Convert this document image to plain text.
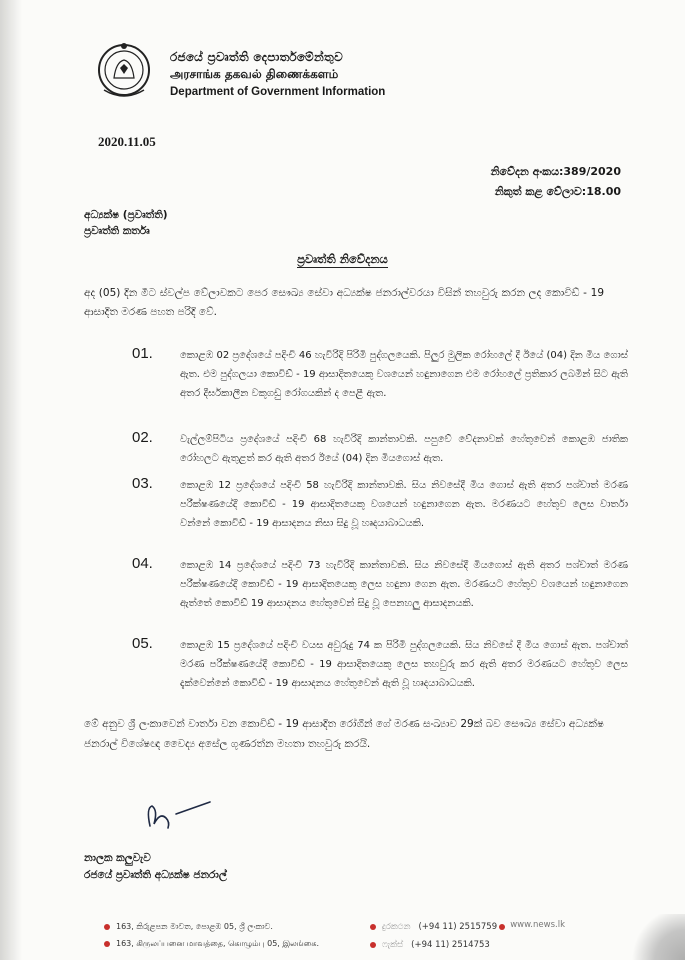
රජයේ ප්‍රවෘත්ති දෙපාර්තමේන්තුව
அரசாங்க தகவல் திணைக்களம்
Department of Government Information
2020.11.05
නිවේදන අංකය:389/2020
නිකුත් කළ වේලාව:18.00
අධ්‍යක්ෂ (ප්‍රවෘත්ති)
ප්‍රවෘත්ති කර්තෘ
ප්‍රවෘත්ති නිවේදනය
අද (05) දින මීට ස්වල්ප වේලාවකට පෙර සෞඛ්‍ය සේවා අධ්‍යක්ෂ ජනරාල්වරයා විසින් තහවුරු කරන ලද කොවිඩ් - 19 ආසාදිත මරණ පහත පරිදි වේ.
01.	කොළඹ 02 ප්‍රදේශයේ පදිංචි 46 හැවිරිදි පිරිමි පුද්ගලයෙකි. පිලුර මුලික රෝහලේ දී ඊයේ (04) දින මිය ගොස් ඇත. එම පුද්ගලයා කොවිඩ් - 19 ආසාදිතයෙකු වශයෙන් හඳුනාගෙන එම රෝහලේ ප්‍රතිකාර ලබමින් සිට ඇති අතර දීර්ඝකාලීන වකුගඩු රෝගයකින් ද පෙළී ඇත.
02.	වැල්ලම්පිටිය ප්‍රදේශයේ පදිංචි 68 හැවිරිදි කාන්තාවකි. පපුවේ වේදනාවක් හේතුවෙන් කොළඹ ජාතික රෝහලට ඇතුළත් කර ඇති අතර ඊයේ (04) දින මියගොස් ඇත.
03.	කොළඹ 12 ප්‍රදේශයේ පදිංචි 58 හැවිරිදි කාන්තාවකි. සිය නිවසේදී මිය ගොස් ඇති අතර පශ්චාත් මරණ පරීක්ෂණයේදී කොවිඩ් - 19 ආසාදිතයෙකු වශයෙන් හඳුනාගෙන ඇත. මරණයට හේතුව ලෙස වාර්තා වන්නේ කොවිඩ් - 19 ආසාදනය නිසා සිදු වූ හෘදයාබාධයකි.
04.	කොළඹ 14 ප්‍රදේශයේ පදිංචි 73 හැවිරිදි කාන්තාවකි. සිය නිවසේදී මියගොස් ඇති අතර පශ්චාත් මරණ පරීක්ෂණයේදී කොවිඩ් - 19 ආසාදිතයෙකු ලෙස හඳුනා ගෙන ඇත. මරණයට හේතුව වශයෙන් හඳුනාගෙන ඇත්තේ කොවිඩ් 19 ආසාදනය හේතුවෙන් සිදු වූ පෙනහලු ආසාදනයකි.
05.	කොළඹ 15 ප්‍රදේශයේ පදිංචි වයස අවුරුදු 74 ක පිරිමි පුද්ගලයෙකි. සිය නිවසේ දී මිය ගොස් ඇත. පශ්චාත් මරණ පරීක්ෂණයේදී කොවිඩ් - 19 ආසාදිතයෙකු ලෙස තහවුරු කර ඇති අතර මරණයට හේතුව ලෙස දැක්වෙන්නේ කොවිඩ් - 19 ආසාදනය හේතුවෙන් ඇති වූ හෘදයාබාධයකි.
මේ අනුව ශ්‍රී ලංකාවෙන් වාර්තා වන කොවිඩ් - 19 ආසාදිත රෝගීන් ගේ මරණ සංඛ්‍යාව 29ක් බව සෞඛ්‍ය සේවා අධ්‍යක්ෂ ජනරාල් විශේෂඥ වෛද්‍ය අසේල ගුණරත්න මහතා තහවුරු කරයි.
නාලක කලුවැව
රජයේ ප්‍රවෘත්ති අධ්‍යක්ෂ ජනරාල්
163, කිරුළපන මාවත, පොළඹ 05, ශ්‍රී ලංකාව.
163, கிருலப்பனை மாவத்தை, கொழும்பு 05, இலங்கை.
දුරකථන (+94 11) 2515759
ෆැක්ස් (+94 11) 2514753
www.news.lk
